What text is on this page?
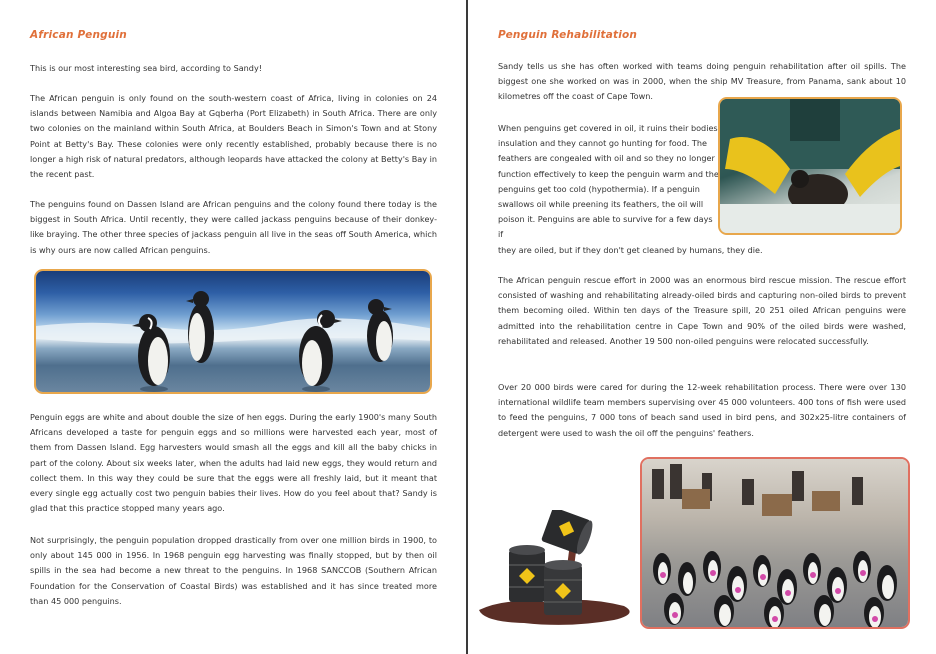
African Penguin

This is our most interesting sea bird, according to Sandy!

The African penguin is only found on the south-western coast of Africa, living in colonies on 24 islands between Namibia and Algoa Bay at Gqberha (Port Elizabeth) in South Africa. There are only two colonies on the mainland within South Africa, at Boulders Beach in Simon's Town and at Stony Point at Betty's Bay. These colonies were only recently established, probably because there is no longer a high risk of natural predators, although leopards have attacked the colony at Betty's Bay in the recent past.

The penguins found on Dassen Island are African penguins and the colony found there today is the biggest in South Africa. Until recently, they were called jackass penguins because of their donkey-like braying. The other three species of jackass penguin all live in the seas off South America, which is why ours are now called African penguins.

Penguin eggs are white and about double the size of hen eggs. During the early 1900's many South Africans developed a taste for penguin eggs and so millions were harvested each year, most of them from Dassen Island. Egg harvesters would smash all the eggs and kill all the baby chicks in part of the colony. About six weeks later, when the adults had laid new eggs, they would return and collect them. In this way they could be sure that the eggs were all freshly laid, but it meant that every single egg actually cost two penguin babies their lives. How do you feel about that? Sandy is glad that this practice stopped many years ago.

Not surprisingly, the penguin population dropped drastically from over one million birds in 1900, to only about 145 000 in 1956. In 1968 penguin egg harvesting was finally stopped, but by then oil spills in the sea had become a new threat to the penguins. In 1968 SANCCOB (Southern African Foundation for the Conservation of Coastal Birds) was established and it has since treated more than 45 000 penguins.

Penguin Rehabilitation

Sandy tells us she has often worked with teams doing penguin rehabilitation after oil spills. The biggest one she worked on was in 2000, when the ship MV Treasure, from Panama, sank about 10 kilometres off the coast of Cape Town.

When penguins get covered in oil, it ruins their bodies' insulation and they cannot go hunting for food. The feathers are congealed with oil and so they no longer function effectively to keep the penguin warm and the penguins get too cold (hypothermia). If a penguin swallows oil while preening its feathers, the oil will poison it. Penguins are able to survive for a few days if

they are oiled, but if they don't get cleaned by humans, they die.

The African penguin rescue effort in 2000 was an enormous bird rescue mission. The rescue effort consisted of washing and rehabilitating already-oiled birds and capturing non-oiled birds to prevent them becoming oiled. Within ten days of the Treasure spill, 20 251 oiled African penguins were admitted into the rehabilitation centre in Cape Town and 90% of the oiled birds were washed, rehabilitated and released. Another 19 500 non-oiled penguins were relocated successfully.

Over 20 000 birds were cared for during the 12-week rehabilitation process. There were over 130 international wildlife team members supervising over 45 000 volunteers. 400 tons of fish were used to feed the penguins, 7 000 tons of beach sand used in bird pens, and 302x25-litre containers of detergent were used to wash the oil off the penguins' feathers.
